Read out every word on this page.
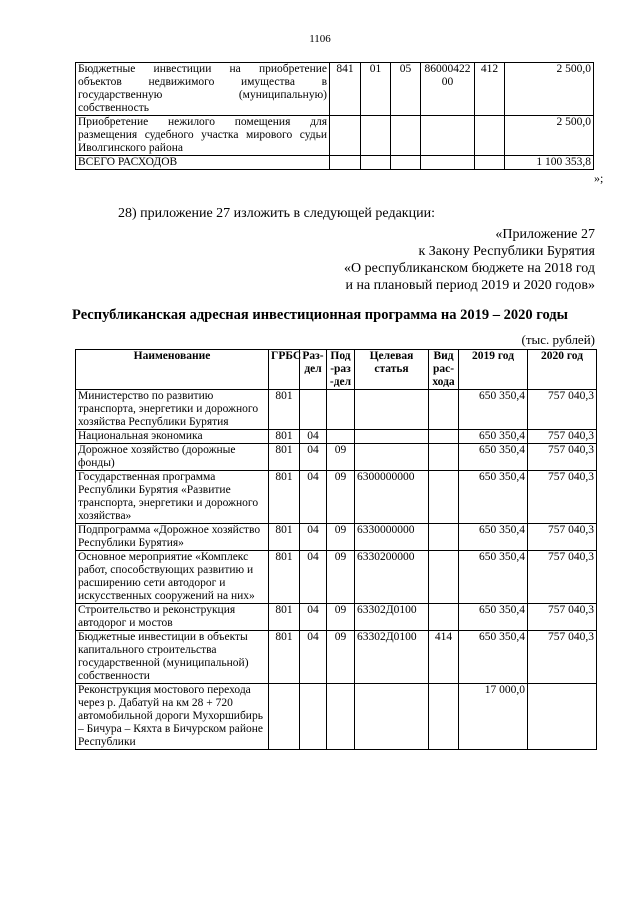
1106
Бюджетные инвестиции на приобретение объектов недвижимого имущества в государственную (муниципальную) собственность	841	01	05	8600042200	412	2 500,0
Приобретение нежилого помещения для размещения судебного участка мирового судьи Иволгинского района						2 500,0
ВСЕГО РАСХОДОВ						1 100 353,8
»;
28) приложение 27 изложить в следующей редакции:
«Приложение 27
к Закону Республики Бурятия
«О республиканском бюджете на 2018 год
и на плановый период 2019 и 2020 годов»
Республиканская адресная инвестиционная программа на 2019 – 2020 годы
(тыс. рублей)
Наименование	ГРБС	Раз-дел	Под-раз-дел	Целевая статья	Вид рас-хода	2019 год	2020 год
Министерство по развитию транспорта, энергетики и дорожного хозяйства Республики Бурятия	801					650 350,4	757 040,3
Национальная экономика	801	04				650 350,4	757 040,3
Дорожное хозяйство (дорожные фонды)	801	04	09			650 350,4	757 040,3
Государственная программа Республики Бурятия «Развитие транспорта, энергетики и дорожного хозяйства»	801	04	09	6300000000		650 350,4	757 040,3
Подпрограмма «Дорожное хозяйство Республики Бурятия»	801	04	09	6330000000		650 350,4	757 040,3
Основное мероприятие «Комплекс работ, способствующих развитию и расширению сети автодорог и искусственных сооружений на них»	801	04	09	6330200000		650 350,4	757 040,3
Строительство и реконструкция автодорог и мостов	801	04	09	63302Д0100		650 350,4	757 040,3
Бюджетные инвестиции в объекты капитального строительства государственной (муниципальной) собственности	801	04	09	63302Д0100	414	650 350,4	757 040,3
Реконструкция мостового перехода через р. Дабатуй на км 28 + 720 автомобильной дороги Мухоршибирь – Бичура – Кяхта в Бичурском районе Республики						17 000,0	
